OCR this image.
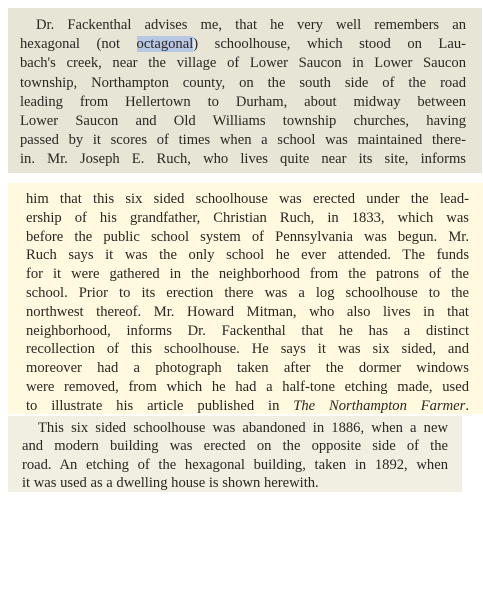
Dr. Fackenthal advises me, that he very well remembers an
hexagonal (not octagonal) schoolhouse, which stood on Lau-
bach's creek, near the village of Lower Saucon in Lower Saucon
township, Northampton county, on the south side of the road
leading from Hellertown to Durham, about midway between
Lower Saucon and Old Williams township churches, having
passed by it scores of times when a school was maintained there-
in. Mr. Joseph E. Ruch, who lives quite near its site, informs
him that this six sided schoolhouse was erected under the lead-
ership of his grandfather, Christian Ruch, in 1833, which was
before the public school system of Pennsylvania was begun. Mr.
Ruch says it was the only school he ever attended. The funds
for it were gathered in the neighborhood from the patrons of the
school. Prior to its erection there was a log schoolhouse to the
northwest thereof. Mr. Howard Mitman, who also lives in that
neighborhood, informs Dr. Fackenthal that he has a distinct
recollection of this schoolhouse. He says it was six sided, and
moreover had a photograph taken after the dormer windows
were removed, from which he had a half-tone etching made, used
to illustrate his article published in The Northampton Farmer.
This six sided schoolhouse was abandoned in 1886, when a new
and modern building was erected on the opposite side of the
road. An etching of the hexagonal building, taken in 1892, when
it was used as a dwelling house is shown herewith.
